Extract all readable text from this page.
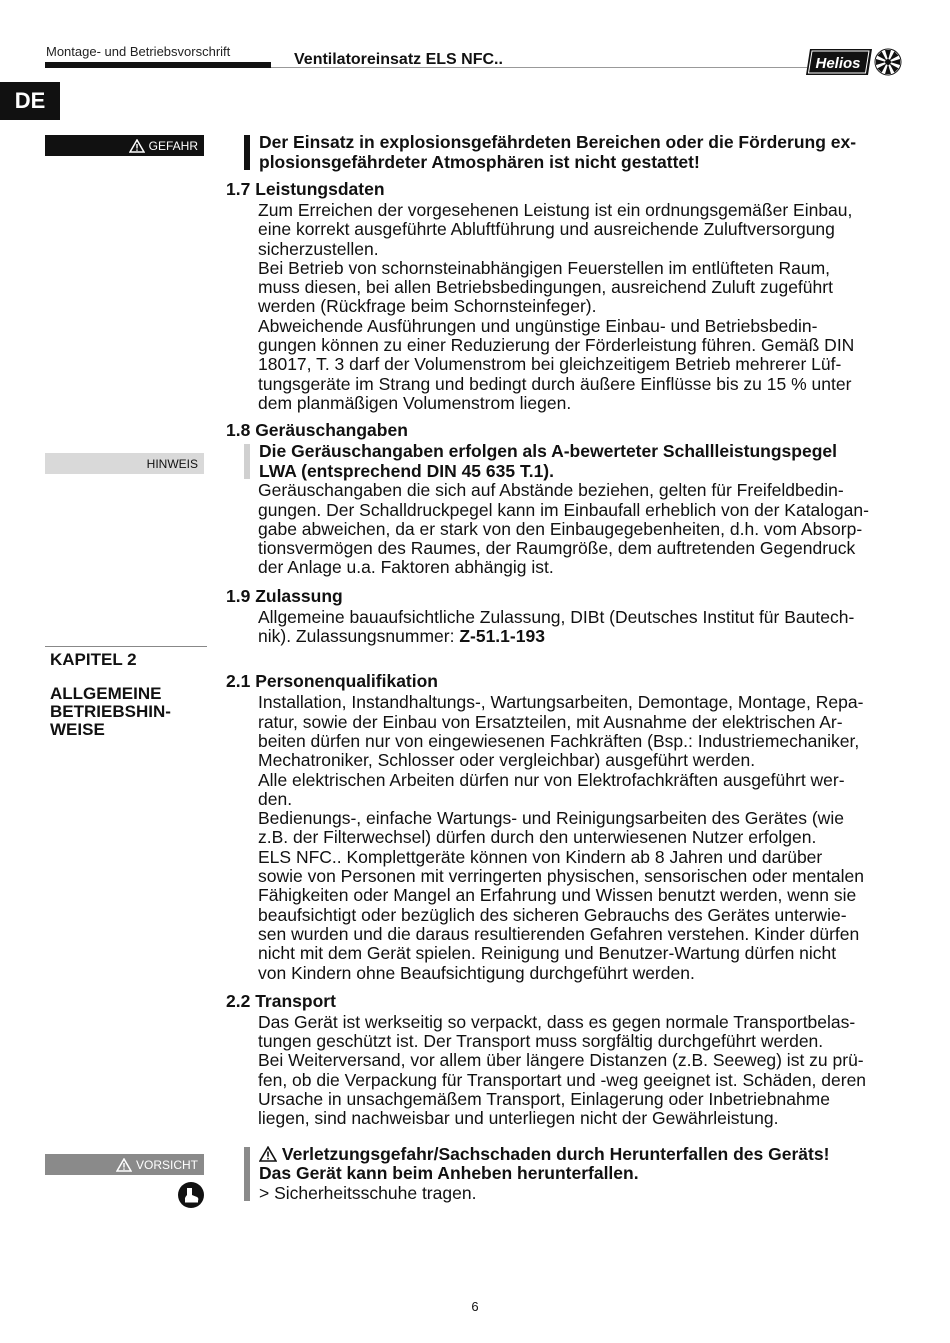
Montage- und Betriebsvorschrift	Ventilatoreinsatz ELS NFC..	Helios
DE
GEFAHR
HINWEIS
KAPITEL 2
ALLGEMEINE
BETRIEBSHIN-
WEISE
VORSICHT
Der Einsatz in explosionsgefährdeten Bereichen oder die Förderung ex-
plosionsgefährdeter Atmosphären ist nicht gestattet!
1.7 Leistungsdaten
Zum Erreichen der vorgesehenen Leistung ist ein ordnungsgemäßer Einbau,
eine korrekt ausgeführte Abluftführung und ausreichende Zuluftversorgung
sicherzustellen.
Bei Betrieb von schornsteinabhängigen Feuerstellen im entlüfteten Raum,
muss diesen, bei allen Betriebsbedingungen, ausreichend Zuluft zugeführt
werden (Rückfrage beim Schornsteinfeger).
Abweichende Ausführungen und ungünstige Einbau- und Betriebsbedin-
gungen können zu einer Reduzierung der Förderleistung führen. Gemäß DIN
18017, T. 3 darf der Volumenstrom bei gleichzeitigem Betrieb mehrerer Lüf-
tungsgeräte im Strang und bedingt durch äußere Einflüsse bis zu 15 % unter
dem planmäßigen Volumenstrom liegen.
1.8 Geräuschangaben
Die Geräuschangaben erfolgen als A-bewerteter Schallleistungspegel
LWA (entsprechend DIN 45 635 T.1).
Geräuschangaben die sich auf Abstände beziehen, gelten für Freifeldbedin-
gungen. Der Schalldruckpegel kann im Einbaufall erheblich von der Katalogan-
gabe abweichen, da er stark von den Einbaugegebenheiten, d.h. vom Absorp-
tionsvermögen des Raumes, der Raumgröße, dem auftretenden Gegendruck
der Anlage u.a. Faktoren abhängig ist.
1.9 Zulassung
Allgemeine bauaufsichtliche Zulassung, DIBt (Deutsches Institut für Bautech-
nik). Zulassungsnummer: Z-51.1-193
2.1 Personenqualifikation
Installation, Instandhaltungs-, Wartungsarbeiten, Demontage, Montage, Repa-
ratur, sowie der Einbau von Ersatzteilen, mit Ausnahme der elektrischen Ar-
beiten dürfen nur von eingewiesenen Fachkräften (Bsp.: Industriemechaniker,
Mechatroniker, Schlosser oder vergleichbar) ausgeführt werden.
Alle elektrischen Arbeiten dürfen nur von Elektrofachkräften ausgeführt wer-
den.
Bedienungs-, einfache Wartungs- und Reinigungsarbeiten des Gerätes (wie
z.B. der Filterwechsel) dürfen durch den unterwiesenen Nutzer erfolgen.
ELS NFC.. Komplettgeräte können von Kindern ab 8 Jahren und darüber
sowie von Personen mit verringerten physischen, sensorischen oder mentalen
Fähigkeiten oder Mangel an Erfahrung und Wissen benutzt werden, wenn sie
beaufsichtigt oder bezüglich des sicheren Gebrauchs des Gerätes unterwie-
sen wurden und die daraus resultierenden Gefahren verstehen. Kinder dürfen
nicht mit dem Gerät spielen. Reinigung und Benutzer-Wartung dürfen nicht
von Kindern ohne Beaufsichtigung durchgeführt werden.
2.2 Transport
Das Gerät ist werkseitig so verpackt, dass es gegen normale Transportbelas-
tungen geschützt ist. Der Transport muss sorgfältig durchgeführt werden.
Bei Weiterversand, vor allem über längere Distanzen (z.B. Seeweg) ist zu prü-
fen, ob die Verpackung für Transportart und -weg geeignet ist. Schäden, deren
Ursache in unsachgemäßem Transport, Einlagerung oder Inbetriebnahme
liegen, sind nachweisbar und unterliegen nicht der Gewährleistung.
Verletzungsgefahr/Sachschaden durch Herunterfallen des Geräts!
Das Gerät kann beim Anheben herunterfallen.
> Sicherheitsschuhe tragen.
6
